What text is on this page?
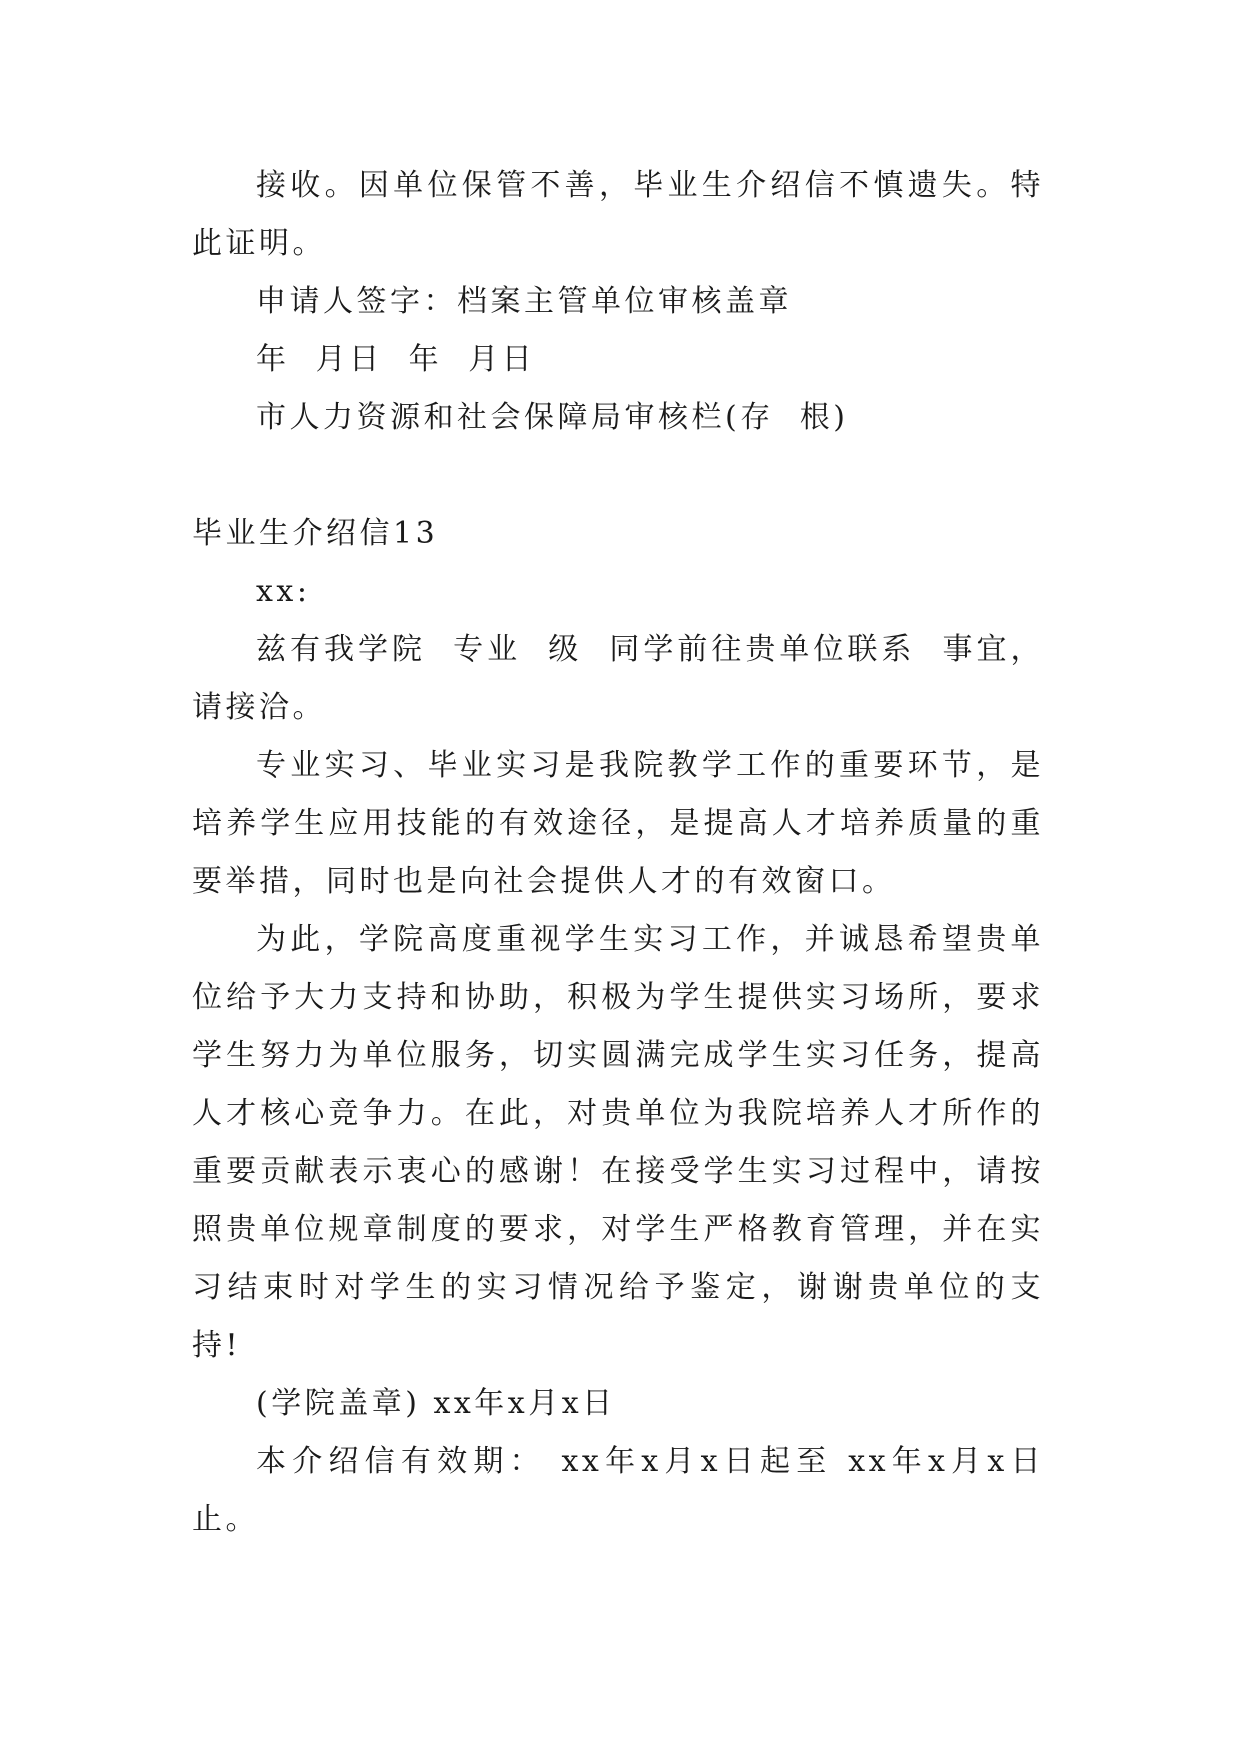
接收。因单位保管不善，毕业生介绍信不慎遗失。特此证明。

申请人签字：档案主管单位审核盖章

年  月日  年  月日

市人力资源和社会保障局审核栏(存  根)

毕业生介绍信13

xx:

兹有我学院  专业  级  同学前往贵单位联系  事宜，请接洽。

专业实习、毕业实习是我院教学工作的重要环节，是培养学生应用技能的有效途径，是提高人才培养质量的重要举措，同时也是向社会提供人才的有效窗口。

为此，学院高度重视学生实习工作，并诚恳希望贵单位给予大力支持和协助，积极为学生提供实习场所，要求学生努力为单位服务，切实圆满完成学生实习任务，提高人才核心竞争力。在此，对贵单位为我院培养人才所作的重要贡献表示衷心的感谢！在接受学生实习过程中，请按照贵单位规章制度的要求，对学生严格教育管理，并在实习结束时对学生的实习情况给予鉴定，谢谢贵单位的支持!

(学院盖章) xx年x月x日

本介绍信有效期： xx年x月x日起至 xx年x月x日止。
